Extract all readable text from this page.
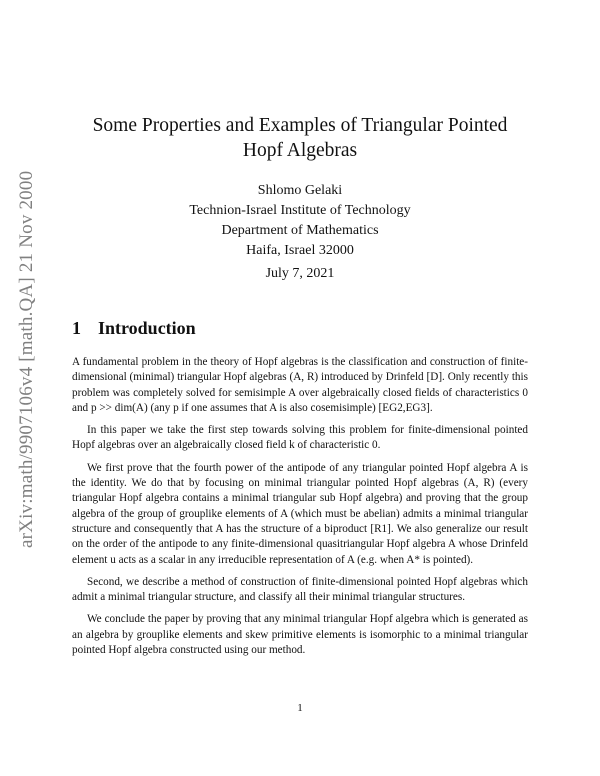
arXiv:math/9907106v4 [math.QA] 21 Nov 2000
Some Properties and Examples of Triangular Pointed
Hopf Algebras
Shlomo Gelaki
Technion-Israel Institute of Technology
Department of Mathematics
Haifa, Israel 32000
July 7, 2021
1 Introduction

A fundamental problem in the theory of Hopf algebras is the classification and construction of finite-dimensional (minimal) triangular Hopf algebras (A, R) introduced by Drinfeld [D]. Only recently this problem was completely solved for semisimple A over algebraically closed fields of characteristics 0 and p >> dim(A) (any p if one assumes that A is also cosemisimple) [EG2,EG3].

In this paper we take the first step towards solving this problem for finite-dimensional pointed Hopf algebras over an algebraically closed field k of characteristic 0.

We first prove that the fourth power of the antipode of any triangular pointed Hopf algebra A is the identity. We do that by focusing on minimal triangular pointed Hopf algebras (A, R) (every triangular Hopf algebra contains a minimal triangular sub Hopf algebra) and proving that the group algebra of the group of grouplike elements of A (which must be abelian) admits a minimal triangular structure and consequently that A has the structure of a biproduct [R1]. We also generalize our result on the order of the antipode to any finite-dimensional quasitriangular Hopf algebra A whose Drinfeld element u acts as a scalar in any irreducible representation of A (e.g. when A* is pointed).

Second, we describe a method of construction of finite-dimensional pointed Hopf algebras which admit a minimal triangular structure, and classify all their minimal triangular structures.

We conclude the paper by proving that any minimal triangular Hopf algebra which is generated as an algebra by grouplike elements and skew primitive elements is isomorphic to a minimal triangular pointed Hopf algebra constructed using our method.

1
